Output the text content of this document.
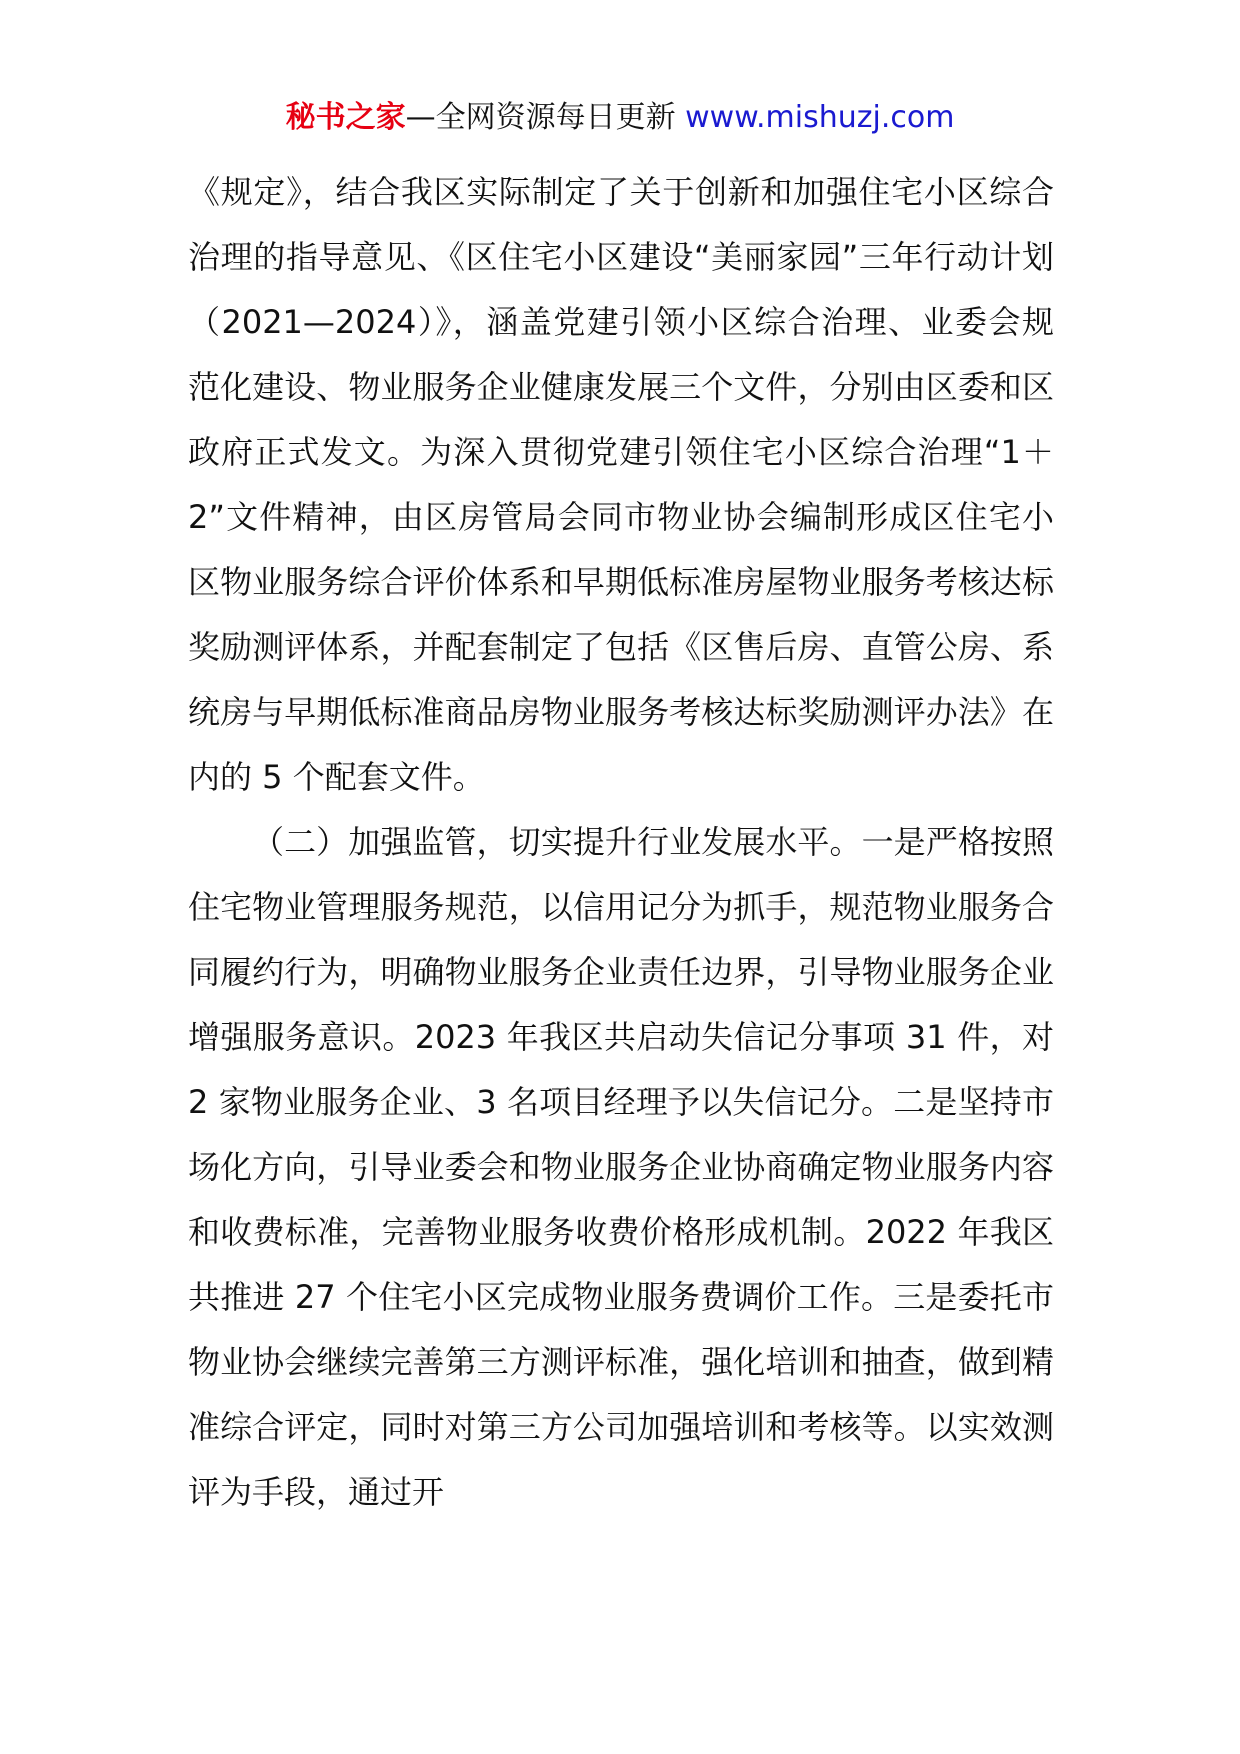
秘书之家—全网资源每日更新 www.mishuzj.com

《规定》，结合我区实际制定了关于创新和加强住宅小区综合治理的指导意见、《区住宅小区建设“美丽家园”三年行动计划（2021—2024）》，涵盖党建引领小区综合治理、业委会规范化建设、物业服务企业健康发展三个文件，分别由区委和区政府正式发文。为深入贯彻党建引领住宅小区综合治理“1＋2”文件精神，由区房管局会同市物业协会编制形成区住宅小区物业服务综合评价体系和早期低标准房屋物业服务考核达标奖励测评体系，并配套制定了包括《区售后房、直管公房、系统房与早期低标准商品房物业服务考核达标奖励测评办法》在内的 5 个配套文件。

（二）加强监管，切实提升行业发展水平。一是严格按照住宅物业管理服务规范，以信用记分为抓手，规范物业服务合同履约行为，明确物业服务企业责任边界，引导物业服务企业增强服务意识。2023 年我区共启动失信记分事项 31 件，对 2 家物业服务企业、3 名项目经理予以失信记分。二是坚持市场化方向，引导业委会和物业服务企业协商确定物业服务内容和收费标准，完善物业服务收费价格形成机制。2022 年我区共推进 27 个住宅小区完成物业服务费调价工作。三是委托市物业协会继续完善第三方测评标准，强化培训和抽查，做到精准综合评定，同时对第三方公司加强培训和考核等。以实效测评为手段，通过开
